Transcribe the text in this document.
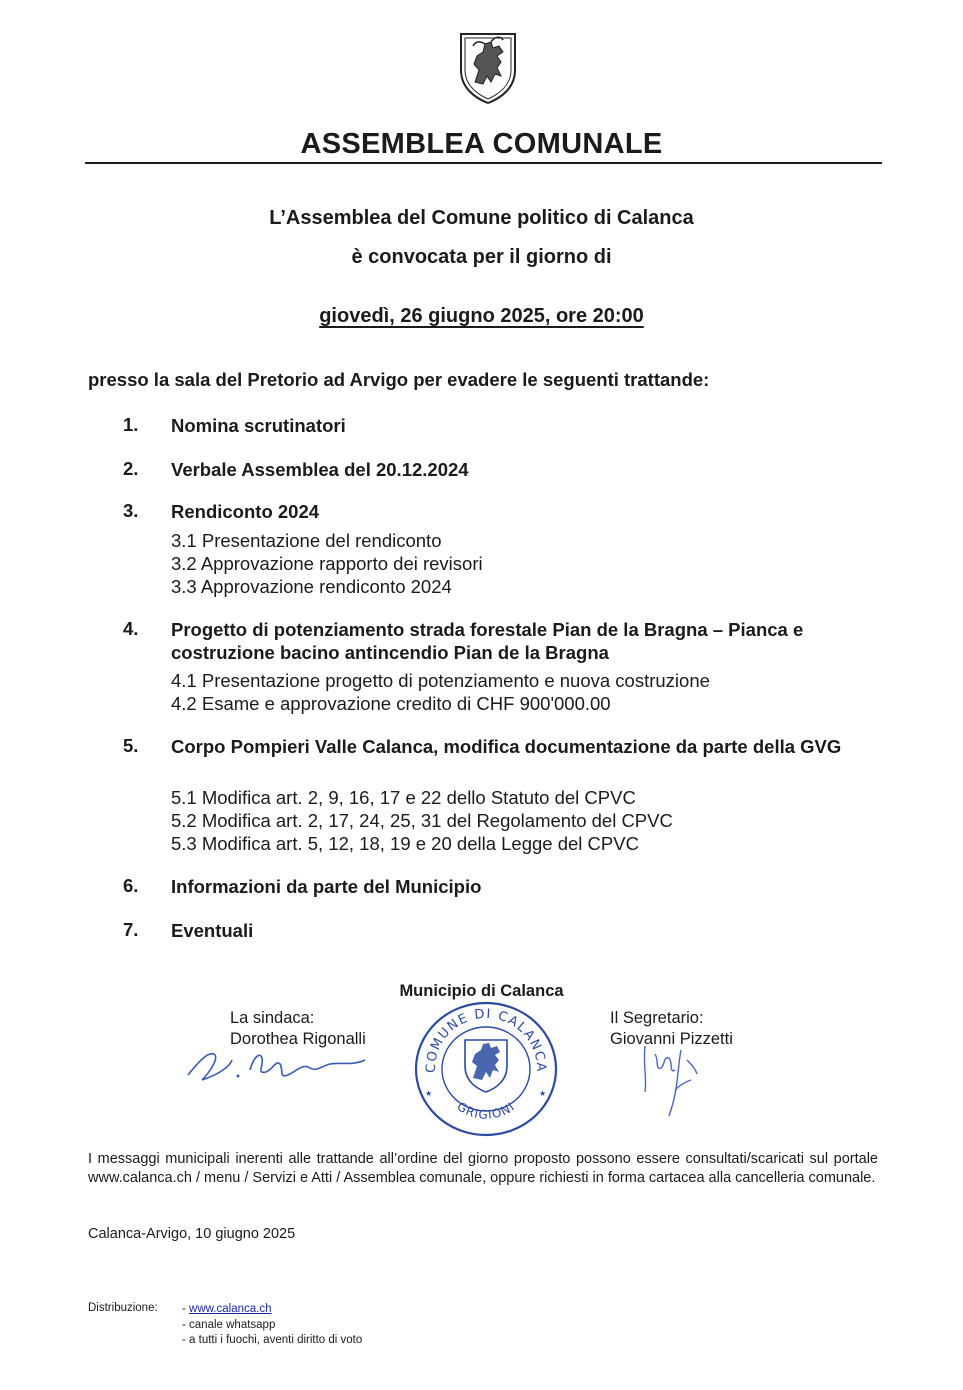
ASSEMBLEA COMUNALE
L’Assemblea del Comune politico di Calanca
è convocata per il giorno di
giovedì, 26 giugno 2025, ore 20:00
presso la sala del Pretorio ad Arvigo per evadere le seguenti trattande:
1. Nomina scrutinatori
2. Verbale Assemblea del 20.12.2024
3. Rendiconto 2024
3.1 Presentazione del rendiconto
3.2 Approvazione rapporto dei revisori
3.3 Approvazione rendiconto 2024
4. Progetto di potenziamento strada forestale Pian de la Bragna – Pianca e costruzione bacino antincendio Pian de la Bragna
4.1 Presentazione progetto di potenziamento e nuova costruzione
4.2 Esame e approvazione credito di CHF 900'000.00
5. Corpo Pompieri Valle Calanca, modifica documentazione da parte della GVG
5.1 Modifica art. 2, 9, 16, 17 e 22 dello Statuto del CPVC
5.2 Modifica art. 2, 17, 24, 25, 31 del Regolamento del CPVC
5.3 Modifica art. 5, 12, 18, 19 e 20 della Legge del CPVC
6. Informazioni da parte del Municipio
7. Eventuali
Municipio di Calanca
La sindaca:
Dorothea Rigonalli
Il Segretario:
Giovanni Pizzetti
COMUNE DI CALANCA
GRIGIONI
★	★
I messaggi municipali inerenti alle trattande all’ordine del giorno proposto possono essere consultati/scaricati sul portale www.calanca.ch / menu / Servizi e Atti / Assemblea comunale, oppure richiesti in forma cartacea alla cancelleria comunale.
Calanca-Arvigo, 10 giugno 2025
Distribuzione: - www.calanca.ch
- canale whatsapp
- a tutti i fuochi, aventi diritto di voto
